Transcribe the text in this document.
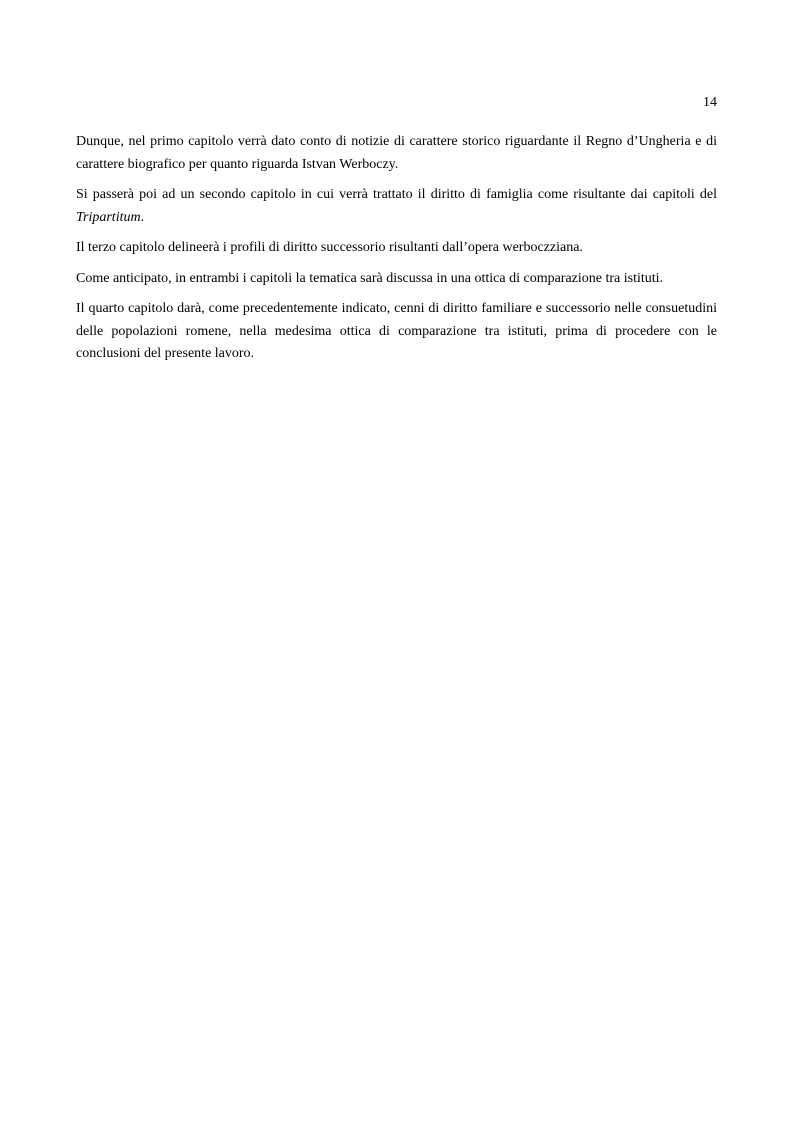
14

Dunque, nel primo capitolo verrà dato conto di notizie di carattere storico riguardante il Regno d’Ungheria e di carattere biografico per quanto riguarda Istvan Werboczy.

Si passerà poi ad un secondo capitolo in cui verrà trattato il diritto di famiglia come risultante dai capitoli del Tripartitum.

Il terzo capitolo delineerà i profili di diritto successorio risultanti dall’opera werboczziana.

Come anticipato, in entrambi i capitoli la tematica sarà discussa in una ottica di comparazione tra istituti.

Il quarto capitolo darà, come precedentemente indicato, cenni di diritto familiare e successorio nelle consuetudini delle popolazioni romene, nella medesima ottica di comparazione tra istituti, prima di procedere con le conclusioni del presente lavoro.
